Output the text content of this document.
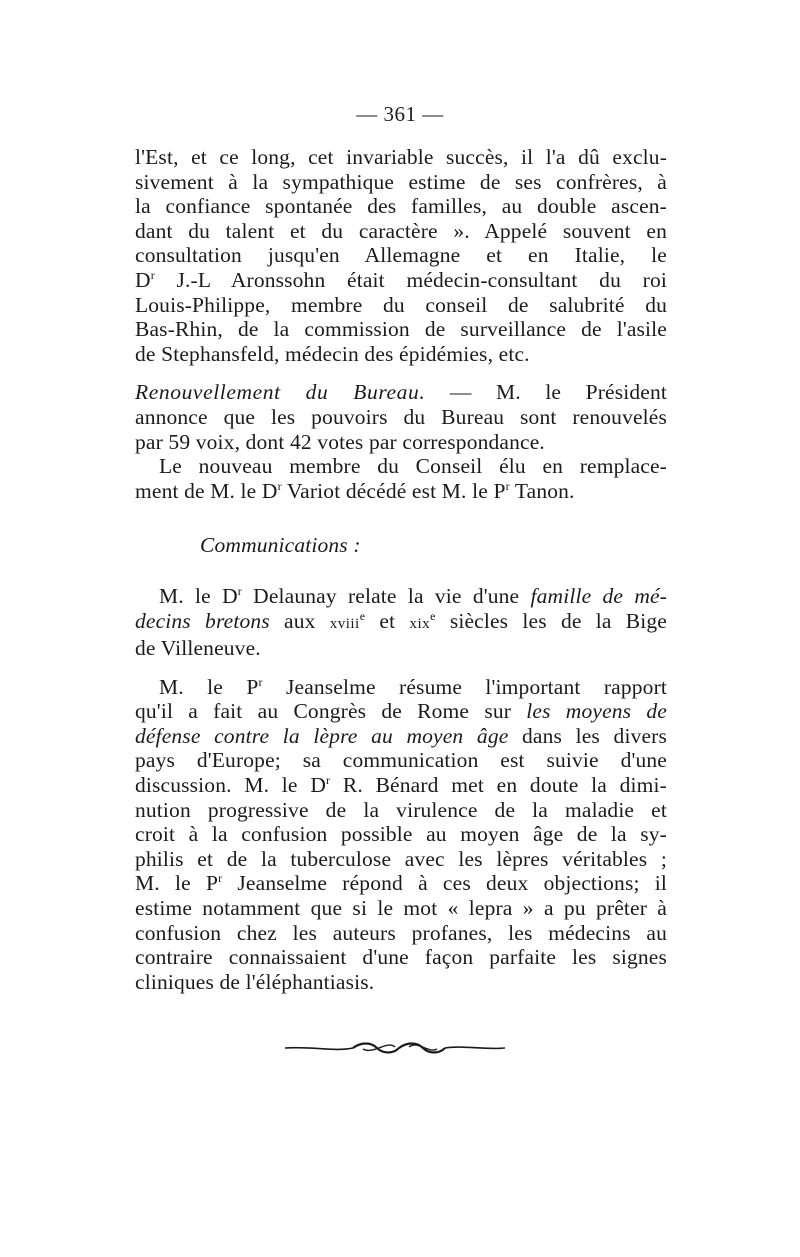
— 361 —
l'Est, et ce long, cet invariable succès, il l'a dû exclu-
sivement à la sympathique estime de ses confrères, à
la confiance spontanée des familles, au double ascen-
dant du talent et du caractère ». Appelé souvent en
consultation jusqu'en Allemagne et en Italie, le
$D^r$ J.-L Aronssohn était médecin-consultant du roi
Louis-Philippe, membre du conseil de salubrité du
Bas-Rhin, de la commission de surveillance de l'asile
de Stephansfeld, médecin des épidémies, etc.
Renouvellement du Bureau. — M. le Président
annonce que les pouvoirs du Bureau sont renouvelés
par 59 voix, dont 42 votes par correspondance.
Le nouveau membre du Conseil élu en remplace-
ment de M. le $D^r$ Variot décédé est M. le $P^r$ Tanon.
Communications :
M. le $D^r$ Delaunay relate la vie d'une famille de mé-
decins bretons aux xviii$^e$ et xix$^e$ siècles les de la Bige
de Villeneuve.
M. le $P^r$ Jeanselme résume l'important rapport
qu'il a fait au Congrès de Rome sur les moyens de
défense contre la lèpre au moyen âge dans les divers
pays d'Europe; sa communication est suivie d'une
discussion. M. le $D^r$ R. Bénard met en doute la dimi-
nution progressive de la virulence de la maladie et
croit à la confusion possible au moyen âge de la sy-
philis et de la tuberculose avec les lèpres véritables ;
M. le $P^r$ Jeanselme répond à ces deux objections; il
estime notamment que si le mot « lepra » a pu prêter à
confusion chez les auteurs profanes, les médecins au
contraire connaissaient d'une façon parfaite les signes
cliniques de l'éléphantiasis.
